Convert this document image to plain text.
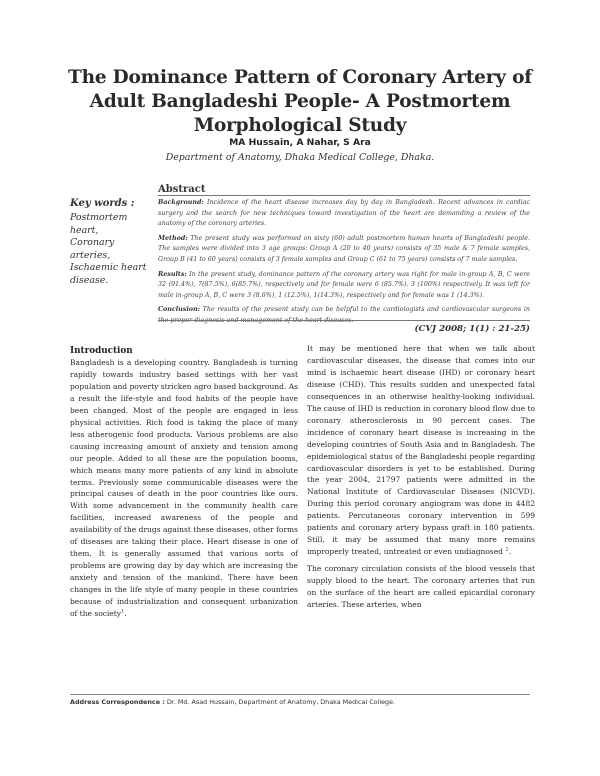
The Dominance Pattern of Coronary Artery of Adult Bangladeshi People- A Postmortem Morphological Study
MA Hussain, A Nahar, S Ara
Department of Anatomy, Dhaka Medical College, Dhaka.
Abstract
Key words :
Postmortem
heart,
Coronary
arteries,
Ischaemic heart
disease.

Background: Incidence of the heart disease increases day by day in Bangladesh. Recent advances in cardiac surgery and the search for new techniques toward investigation of the heart are demanding a review of the anatomy of the coronary arteries.

Method: The present study was performed on sixty (60) adult postmortem human hearts of Bangladeshi people. The samples were divided into 3 age groups: Group A (20 to 40 years) consists of 35 male & 7 female samples, Group B (41 to 60 years) consists of 3 female samples and Group C (61 to 75 years) consists of 7 male samples.

Results: In the present study, dominance pattern of the coronary artery was right for male in-group A, B, C were 32 (91.4%), 7(87.5%), 6(85.7%), respectively and for female were 6 (85.7%). 3 (100%) respectively. It was left for male in-group A, B, C were 3 (8.6%), 1 (12.5%), 1(14.3%), respectively and for female was 1 (14.3%).

Conclusion: The results of the present study can be helpful to the cardiologists and cardiovascular surgeons in

(CVJ 2008; 1(1) : 21-25)
Introduction

Bangladesh is a developing country. Bangladesh is turning rapidly towards industry based settings with her vast population and poverty stricken agro based background. As a result the life-style and food habits of the people have been changed. Most of the people are engaged in less physical activities. Rich food is taking the place of many less atherogenic food products. Various problems are also causing increasing amount of anxiety and tension among our people. Added to all these are the population booms, which means many more patients of any kind in absolute terms. Previously some communicable diseases were the principal causes of death in the poor countries like ours. With some advancement in the community health care facilities, increased awareness of the people and availability of the drugs against these diseases, other forms of diseases are taking their place. Heart disease is one of them. It is generally assumed that various sorts of problems are growing day by day which are increasing the anxiety and tension of the mankind. There have been changes in the life style of many people in these countries because of industrialization and consequent urbanization of the society$^1$.

It may be mentioned here that when we talk about cardiovascular diseases, the disease that comes into our mind is ischaemic heart disease (IHD) or coronary heart disease (CHD). This results sudden and unexpected fatal consequences in an otherwise healthy-looking individual. The cause of IHD is reduction in coronary blood flow due to coronary atherosclerosis in 90 percent cases. The incidence of coronary heart disease is increasing in the developing countries of South Asia and in Bangladesh. The epidemiological status of the Bangladeshi people regarding cardiovascular disorders is yet to be established. During the year 2004, 21797 patients were admitted in the National Institute of Cardiovascular Diseases (NICVD). During this period coronary angiogram was done in 4482 patients. Percutaneous coronary intervention in 599 patients and coronary artery bypass graft in 180 patients. Still, it may be assumed that many more remains improperly treated, untreated or even undiagnosed $^2$.

The coronary circulation consists of the blood vessels that supply blood to the heart. The coronary arteries that run on the surface of the heart are called epicardial coronary arteries. These arteries, when

Address Correspondence : Dr. Md. Asad Hussain, Department of Anatomy, Dhaka Medical College.
